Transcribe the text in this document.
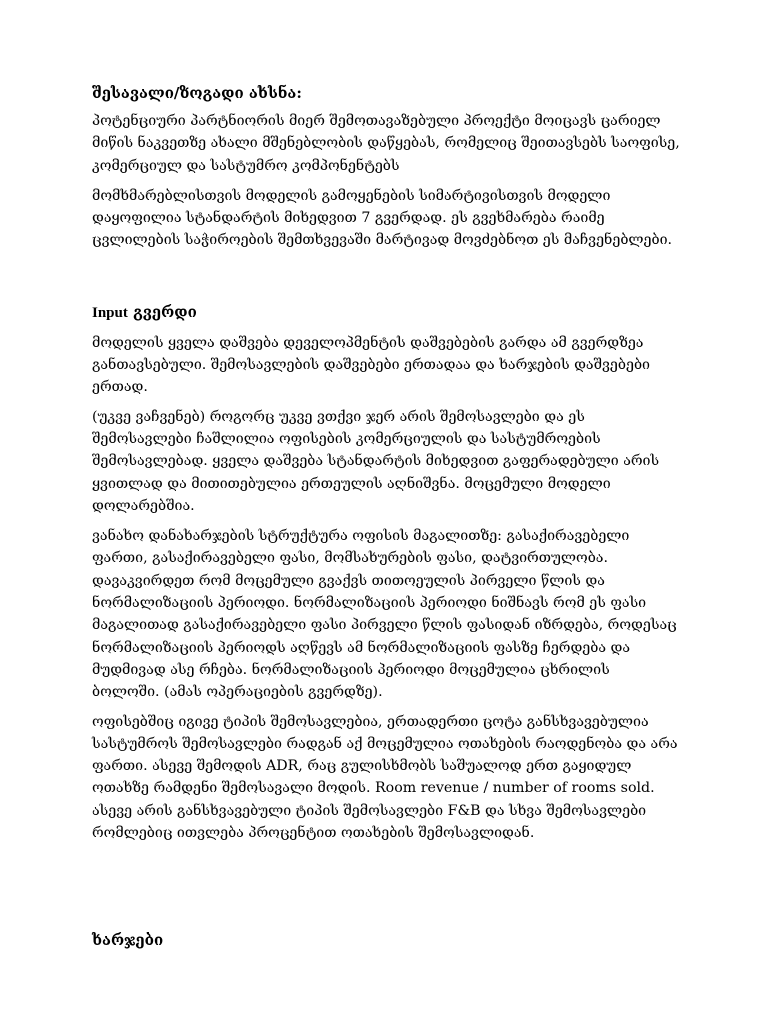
შესავალი/ზოგადი ახსნა:

პოტენციური პარტნიორის მიერ შემოთავაზებული პროექტი მოიცავს ცარიელ მიწის ნაკვეთზე ახალი მშენებლობის დაწყებას, რომელიც შეითავსებს საოფისე, კომერციულ და სასტუმრო კომპონენტებს

მომხმარებლისთვის მოდელის გამოყენების სიმარტივისთვის მოდელი დაყოფილია სტანდარტის მიხედვით 7 გვერდად. ეს გვეხმარება რაიმე ცვლილების საჭიროების შემთხვევაში მარტივად მოვძებნოთ ეს მაჩვენებლები.

Input გვერდი

მოდელის ყველა დაშვება დეველოპმენტის დაშვებების გარდა ამ გვერდზეა განთავსებული. შემოსავლების დაშვებები ერთადაა და ხარჯების დაშვებები ერთად.

(უკვე ვაჩვენებ) როგორც უკვე ვთქვი ჯერ არის შემოსავლები და ეს შემოსავლები ჩაშლილია ოფისების კომერციულის და სასტუმროების შემოსავლებად. ყველა დაშვება სტანდარტის მიხედვით გაფერადებული არის ყვითლად და მითითებულია ერთეულის აღნიშვნა. მოცემული მოდელი დოლარებშია.

ვანახო დანახარჯების სტრუქტურა ოფისის მაგალითზე: გასაქირავებელი ფართი, გასაქირავებელი ფასი, მომსახურების ფასი, დატვირთულობა. დავაკვირდეთ რომ მოცემული გვაქვს თითოეულის პირველი წლის და ნორმალიზაციის პერიოდი. ნორმალიზაციის პერიოდი ნიშნავს რომ ეს ფასი მაგალითად გასაქირავებელი ფასი პირველი წლის ფასიდან იზრდება, როდესაც ნორმალიზაციის პერიოდს აღწევს ამ ნორმალიზაციის ფასზე ჩერდება და მუდმივად ასე რჩება. ნორმალიზაციის პერიოდი მოცემულია ცხრილის ბოლოში. (ამას ოპერაციების გვერდზე).

ოფისებშიც იგივე ტიპის შემოსავლებია, ერთადერთი ცოტა განსხვავებულია სასტუმროს შემოსავლები რადგან აქ მოცემულია ოთახების რაოდენობა და არა ფართი. ასევე შემოდის ADR, რაც გულისხმობს საშუალოდ ერთ გაყიდულ ოთახზე რამდენი შემოსავალი მოდის. Room revenue / number of rooms sold. ასევე არის განსხვავებული ტიპის შემოსავლები F&B და სხვა შემოსავლები რომლებიც ითვლება პროცენტით ოთახების შემოსავლიდან.

ხარჯები
